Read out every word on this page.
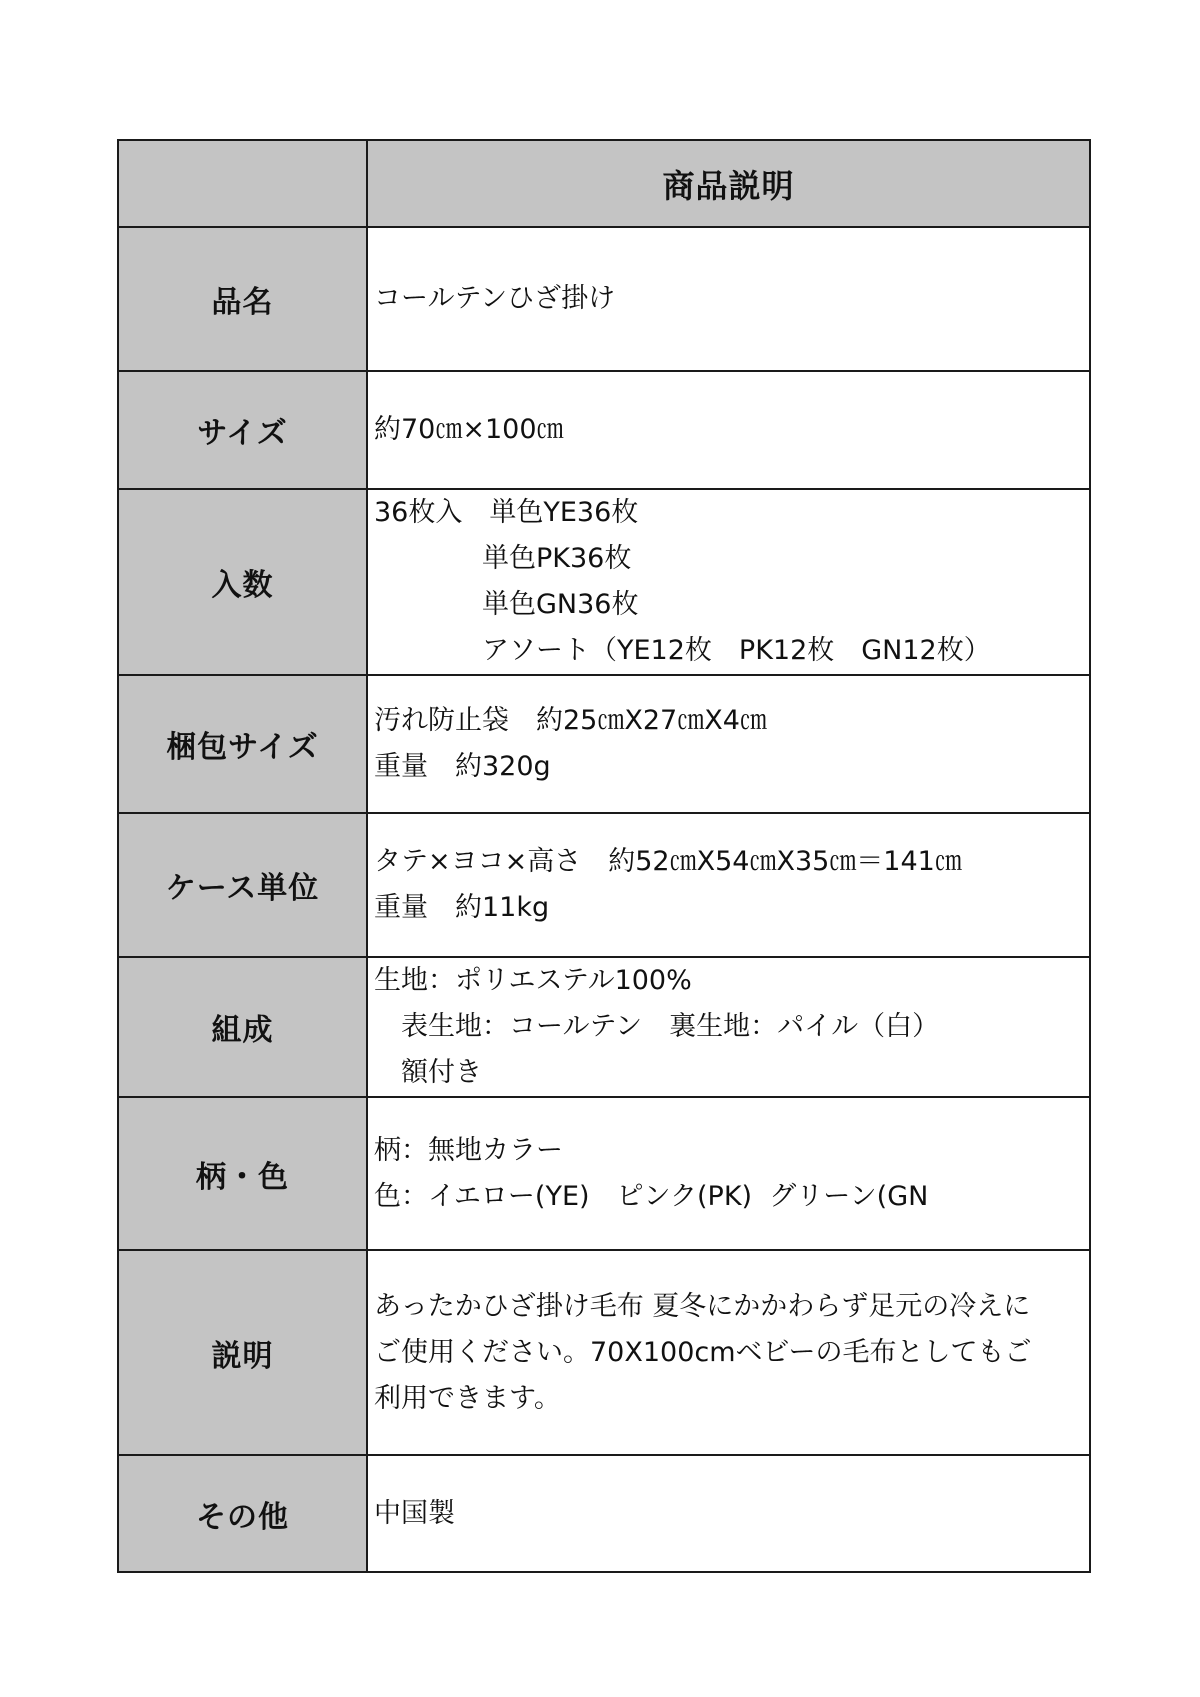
	商品説明
品名	コールテンひざ掛け

サイズ	約70㎝×100㎝

入数	36枚入　単色YE36枚
　　　　単色PK36枚
　　　　単色GN36枚
　　　　アソート（YE12枚　PK12枚　GN12枚）

梱包サイズ	汚れ防止袋　約25㎝X27㎝X4㎝
重量　約320g

ケース単位	タテ×ヨコ×高さ　約52㎝X54㎝X35㎝＝141㎝
重量　約11kg

組成	生地：ポリエステル100%
　表生地：コールテン　裏生地：パイル（白）
　額付き

柄・色	柄：無地カラー
色：イエロー(YE)　ピンク(PK)  グリーン(GN

説明	あったかひざ掛け毛布 夏冬にかかわらず足元の冷えに
ご使用ください。70X100cmベビーの毛布としてもご
利用できます。

その他	中国製
